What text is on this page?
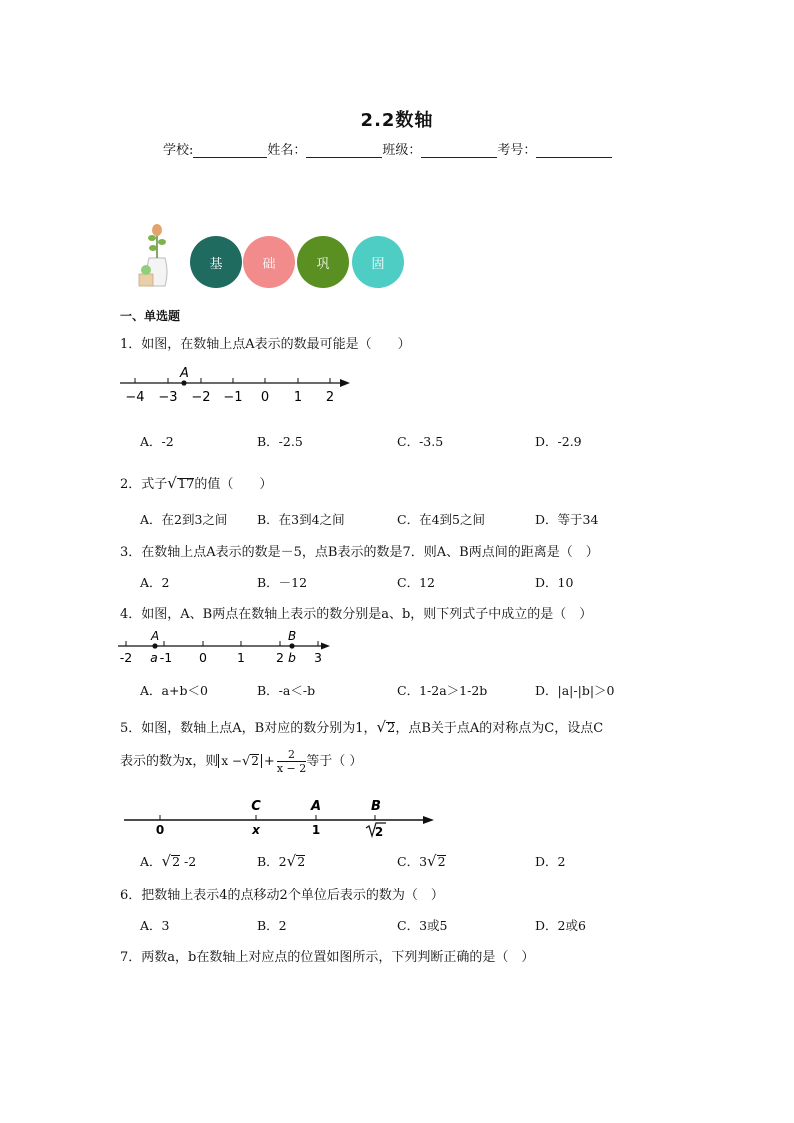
2.2数轴
学校:	姓名：	班级：	考号：
基	础	巩	固
一、单选题
1．如图，在数轴上点A表示的数最可能是（　　）
A
−4 −3 −2 −1 0 1 2
A．-2	B．-2.5	C．-3.5	D．-2.9
2．式子√17的值（　　）
A．在2到3之间 B．在3到4之间	C．在4到5之间	D．等于34
3．在数轴上点A表示的数是－5，点B表示的数是7．则A、B两点间的距离是（　）
A．2	B．－12	C．12	D．10
4．如图，A、B两点在数轴上表示的数分别是a、b，则下列式子中成立的是（　）
A	B
-2 -1 0 1 2 3
a	b
A．a+b＜0	B．-a＜-b	C．1-2a＞1-2b	D．|a|-|b|＞0
5．如图，数轴上点A，B对应的数分别为1，√2，点B关于点A的对称点为C，设点C
表示的数为x，则 $x -√2 + \frac{2}{x - 2}$ 等于（ ）
C	A	B
0	x	1	2
A．√2 -2	B．2√2	C．3√2	D．2
6．把数轴上表示4的点移动2个单位后表示的数为（　）
A．3	B．2	C．3或5	D．2或6
7．两数a，b在数轴上对应点的位置如图所示，下列判断正确的是（　）
